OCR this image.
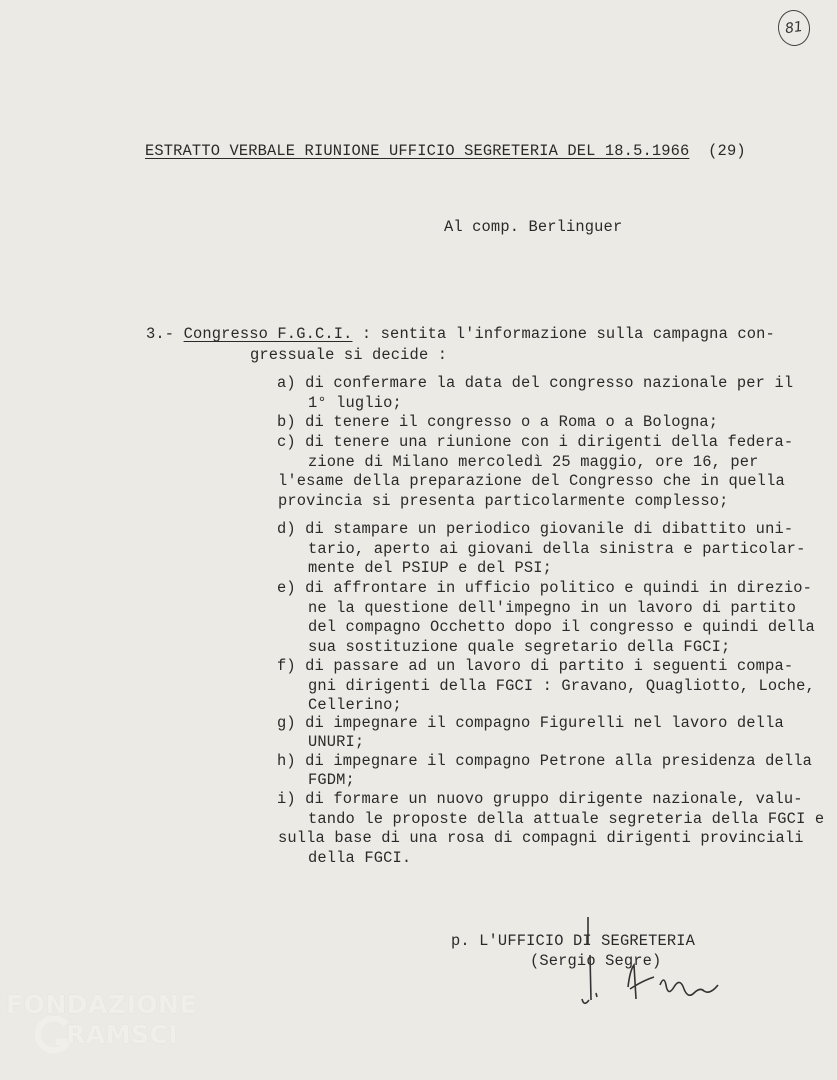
81
ESTRATTO VERBALE RIUNIONE UFFICIO SEGRETERIA DEL 18.5.1966 (29)
Al comp. Berlinguer
3.- Congresso F.G.C.I. : sentita l'informazione sulla campagna con-
gressuale si decide :
a) di confermare la data del congresso nazionale per il
1° luglio;
b) di tenere il congresso o a Roma o a Bologna;
c) di tenere una riunione con i dirigenti della federa-
zione di Milano mercoledì 25 maggio, ore 16, per
l'esame della preparazione del Congresso che in quella
provincia si presenta particolarmente complesso;
d) di stampare un periodico giovanile di dibattito uni-
tario, aperto ai giovani della sinistra e particolar-
mente del PSIUP e del PSI;
e) di affrontare in ufficio politico e quindi in direzio-
ne la questione dell'impegno in un lavoro di partito
del compagno Occhetto dopo il congresso e quindi della
sua sostituzione quale segretario della FGCI;
f) di passare ad un lavoro di partito i seguenti compa-
gni dirigenti della FGCI : Gravano, Quagliotto, Loche,
Cellerino;
g) di impegnare il compagno Figurelli nel lavoro della
UNURI;
h) di impegnare il compagno Petrone alla presidenza della
FGDM;
i) di formare un nuovo gruppo dirigente nazionale, valu-
tando le proposte della attuale segreteria della FGCI e
sulla base di una rosa di compagni dirigenti provinciali
della FGCI.
p. L'UFFICIO DI SEGRETERIA
(Sergio Segre)
FONDAZIONE
RAMSCI
